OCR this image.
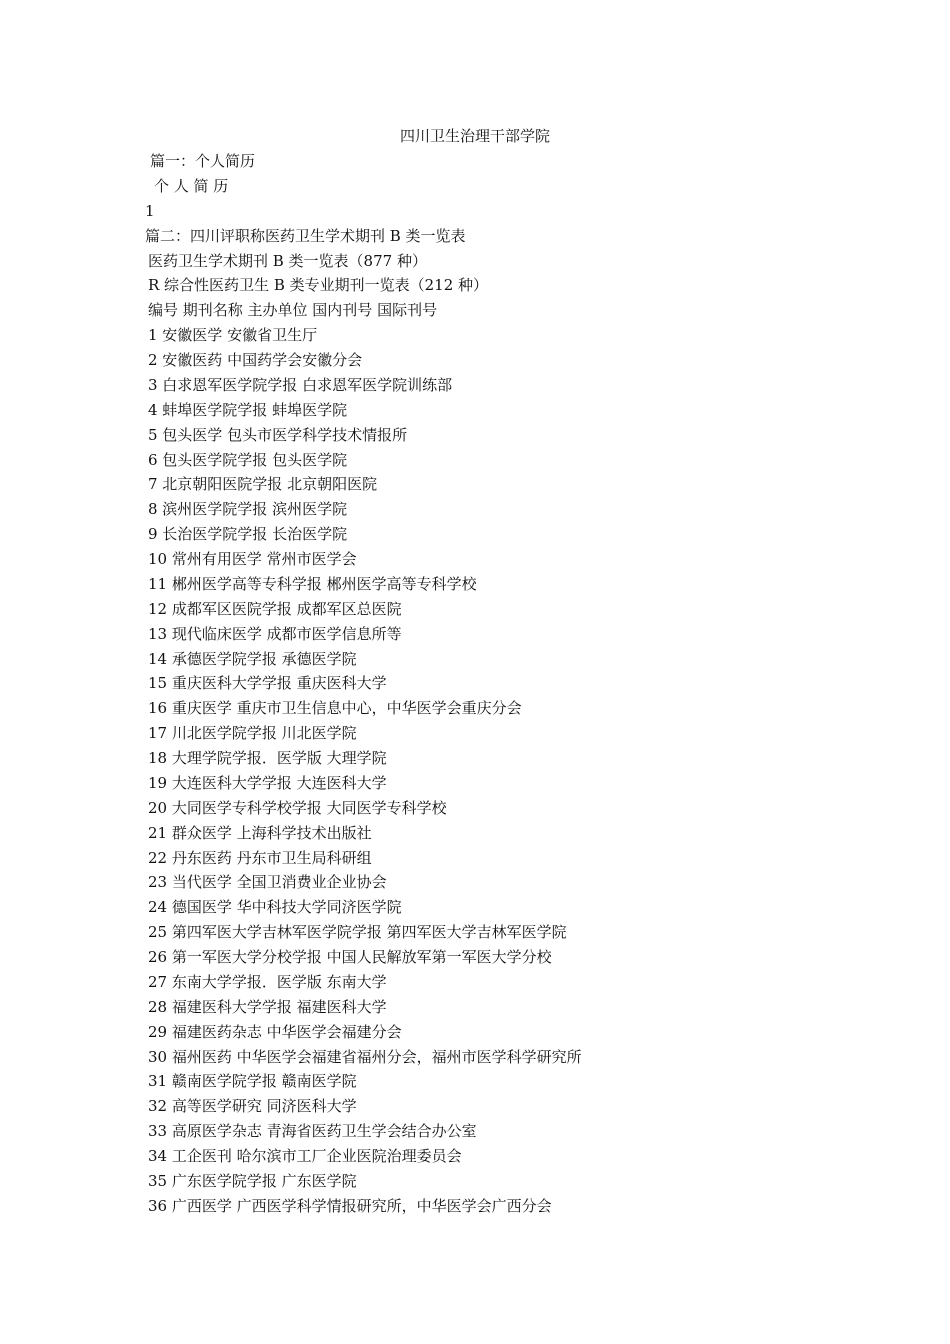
四川卫生治理干部学院
篇一：个人简历
个 人 简 历
1
篇二：四川评职称医药卫生学术期刊 B 类一览表
医药卫生学术期刊 B 类一览表（877 种）
R 综合性医药卫生 B 类专业期刊一览表（212 种）
编号 期刊名称 主办单位 国内刊号 国际刊号
1 安徽医学 安徽省卫生厅
2 安徽医药 中国药学会安徽分会
3 白求恩军医学院学报 白求恩军医学院训练部
4 蚌埠医学院学报 蚌埠医学院
5 包头医学 包头市医学科学技术情报所
6 包头医学院学报 包头医学院
7 北京朝阳医院学报 北京朝阳医院
8 滨州医学院学报 滨州医学院
9 长治医学院学报 长治医学院
10 常州有用医学 常州市医学会
11 郴州医学高等专科学报 郴州医学高等专科学校
12 成都军区医院学报 成都军区总医院
13 现代临床医学 成都市医学信息所等
14 承德医学院学报 承德医学院
15 重庆医科大学学报 重庆医科大学
16 重庆医学 重庆市卫生信息中心，中华医学会重庆分会
17 川北医学院学报 川北医学院
18 大理学院学报．医学版 大理学院
19 大连医科大学学报 大连医科大学
20 大同医学专科学校学报 大同医学专科学校
21 群众医学 上海科学技术出版社
22 丹东医药 丹东市卫生局科研组
23 当代医学 全国卫消费业企业协会
24 德国医学 华中科技大学同济医学院
25 第四军医大学吉林军医学院学报 第四军医大学吉林军医学院
26 第一军医大学分校学报 中国人民解放军第一军医大学分校
27 东南大学学报．医学版 东南大学
28 福建医科大学学报 福建医科大学
29 福建医药杂志 中华医学会福建分会
30 福州医药 中华医学会福建省福州分会，福州市医学科学研究所
31 赣南医学院学报 赣南医学院
32 高等医学研究 同济医科大学
33 高原医学杂志 青海省医药卫生学会结合办公室
34 工企医刊 哈尔滨市工厂企业医院治理委员会
35 广东医学院学报 广东医学院
36 广西医学 广西医学科学情报研究所，中华医学会广西分会
